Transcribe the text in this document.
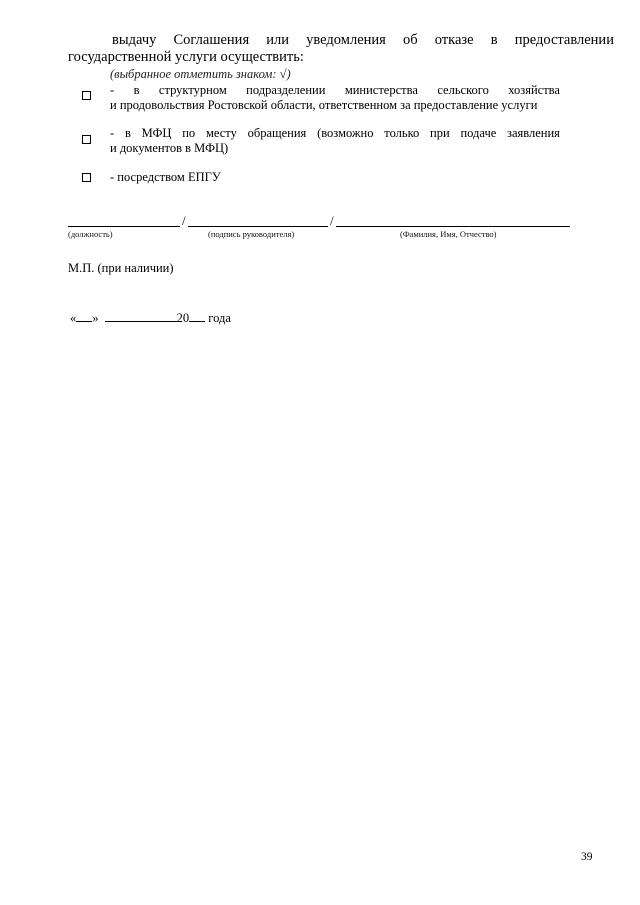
выдачу Соглашения или уведомления об отказе в предоставлении
государственной услуги осуществить:
(выбранное отметить знаком: √)
- в структурном подразделении министерства сельского хозяйства
и продовольствия Ростовской области, ответственном за предоставление услуги
- в МФЦ по месту обращения (возможно только при подаче заявления
и документов в МФЦ)
- посредством ЕПГУ
/	/
(должность)	(подпись руководителя)	(Фамилия, Имя, Отчество)
М.П. (при наличии)
« »	20 года
39
